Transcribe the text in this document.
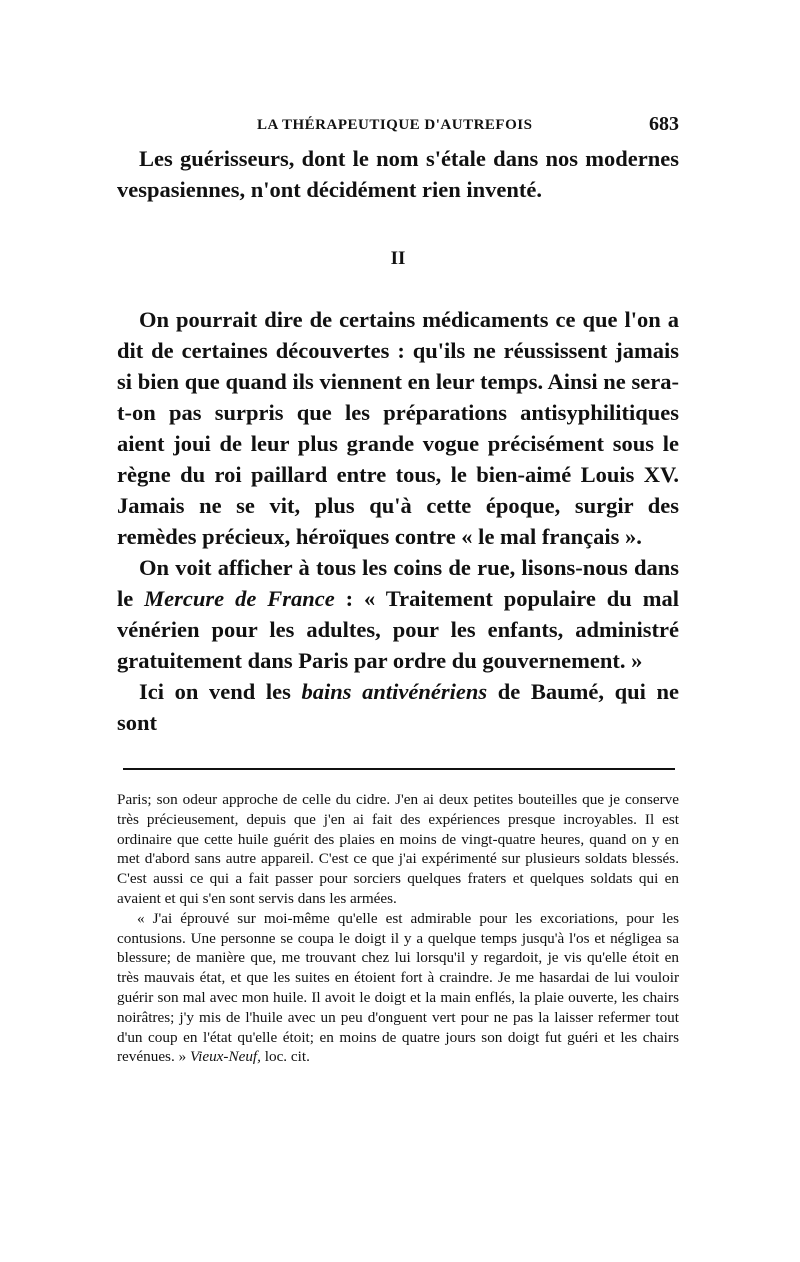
LA THÉRAPEUTIQUE D'AUTREFOIS	683

Les guérisseurs, dont le nom s'étale dans nos modernes vespasiennes, n'ont décidément rien inventé.

II

On pourrait dire de certains médicaments ce que l'on a dit de certaines découvertes : qu'ils ne réussissent jamais si bien que quand ils viennent en leur temps. Ainsi ne sera-t-on pas surpris que les préparations antisyphilitiques aient joui de leur plus grande vogue précisément sous le règne du roi paillard entre tous, le bien-aimé Louis XV. Jamais ne se vit, plus qu'à cette époque, surgir des remèdes précieux, héroïques contre « le mal français ».

On voit afficher à tous les coins de rue, lisons-nous dans le Mercure de France : « Traitement populaire du mal vénérien pour les adultes, pour les enfants, administré gratuitement dans Paris par ordre du gouvernement. »

Ici on vend les bains antivénériens de Baumé, qui ne sont

Paris; son odeur approche de celle du cidre. J'en ai deux petites bouteilles que je conserve très précieusement, depuis que j'en ai fait des expériences presque incroyables. Il est ordinaire que cette huile guérit des plaies en moins de vingt-quatre heures, quand on y en met d'abord sans autre appareil. C'est ce que j'ai expérimenté sur plusieurs soldats blessés. C'est aussi ce qui a fait passer pour sorciers quelques fraters et quelques soldats qui en avaient et qui s'en sont servis dans les armées.

« J'ai éprouvé sur moi-même qu'elle est admirable pour les excoriations, pour les contusions. Une personne se coupa le doigt il y a quelque temps jusqu'à l'os et négligea sa blessure; de manière que, me trouvant chez lui lorsqu'il y regardoit, je vis qu'elle étoit en très mauvais état, et que les suites en étoient fort à craindre. Je me hasardai de lui vouloir guérir son mal avec mon huile. Il avoit le doigt et la main enflés, la plaie ouverte, les chairs noirâtres; j'y mis de l'huile avec un peu d'onguent vert pour ne pas la laisser refermer tout d'un coup en l'état qu'elle étoit; en moins de quatre jours son doigt fut guéri et les chairs revénues. » Vieux-Neuf, loc. cit.
